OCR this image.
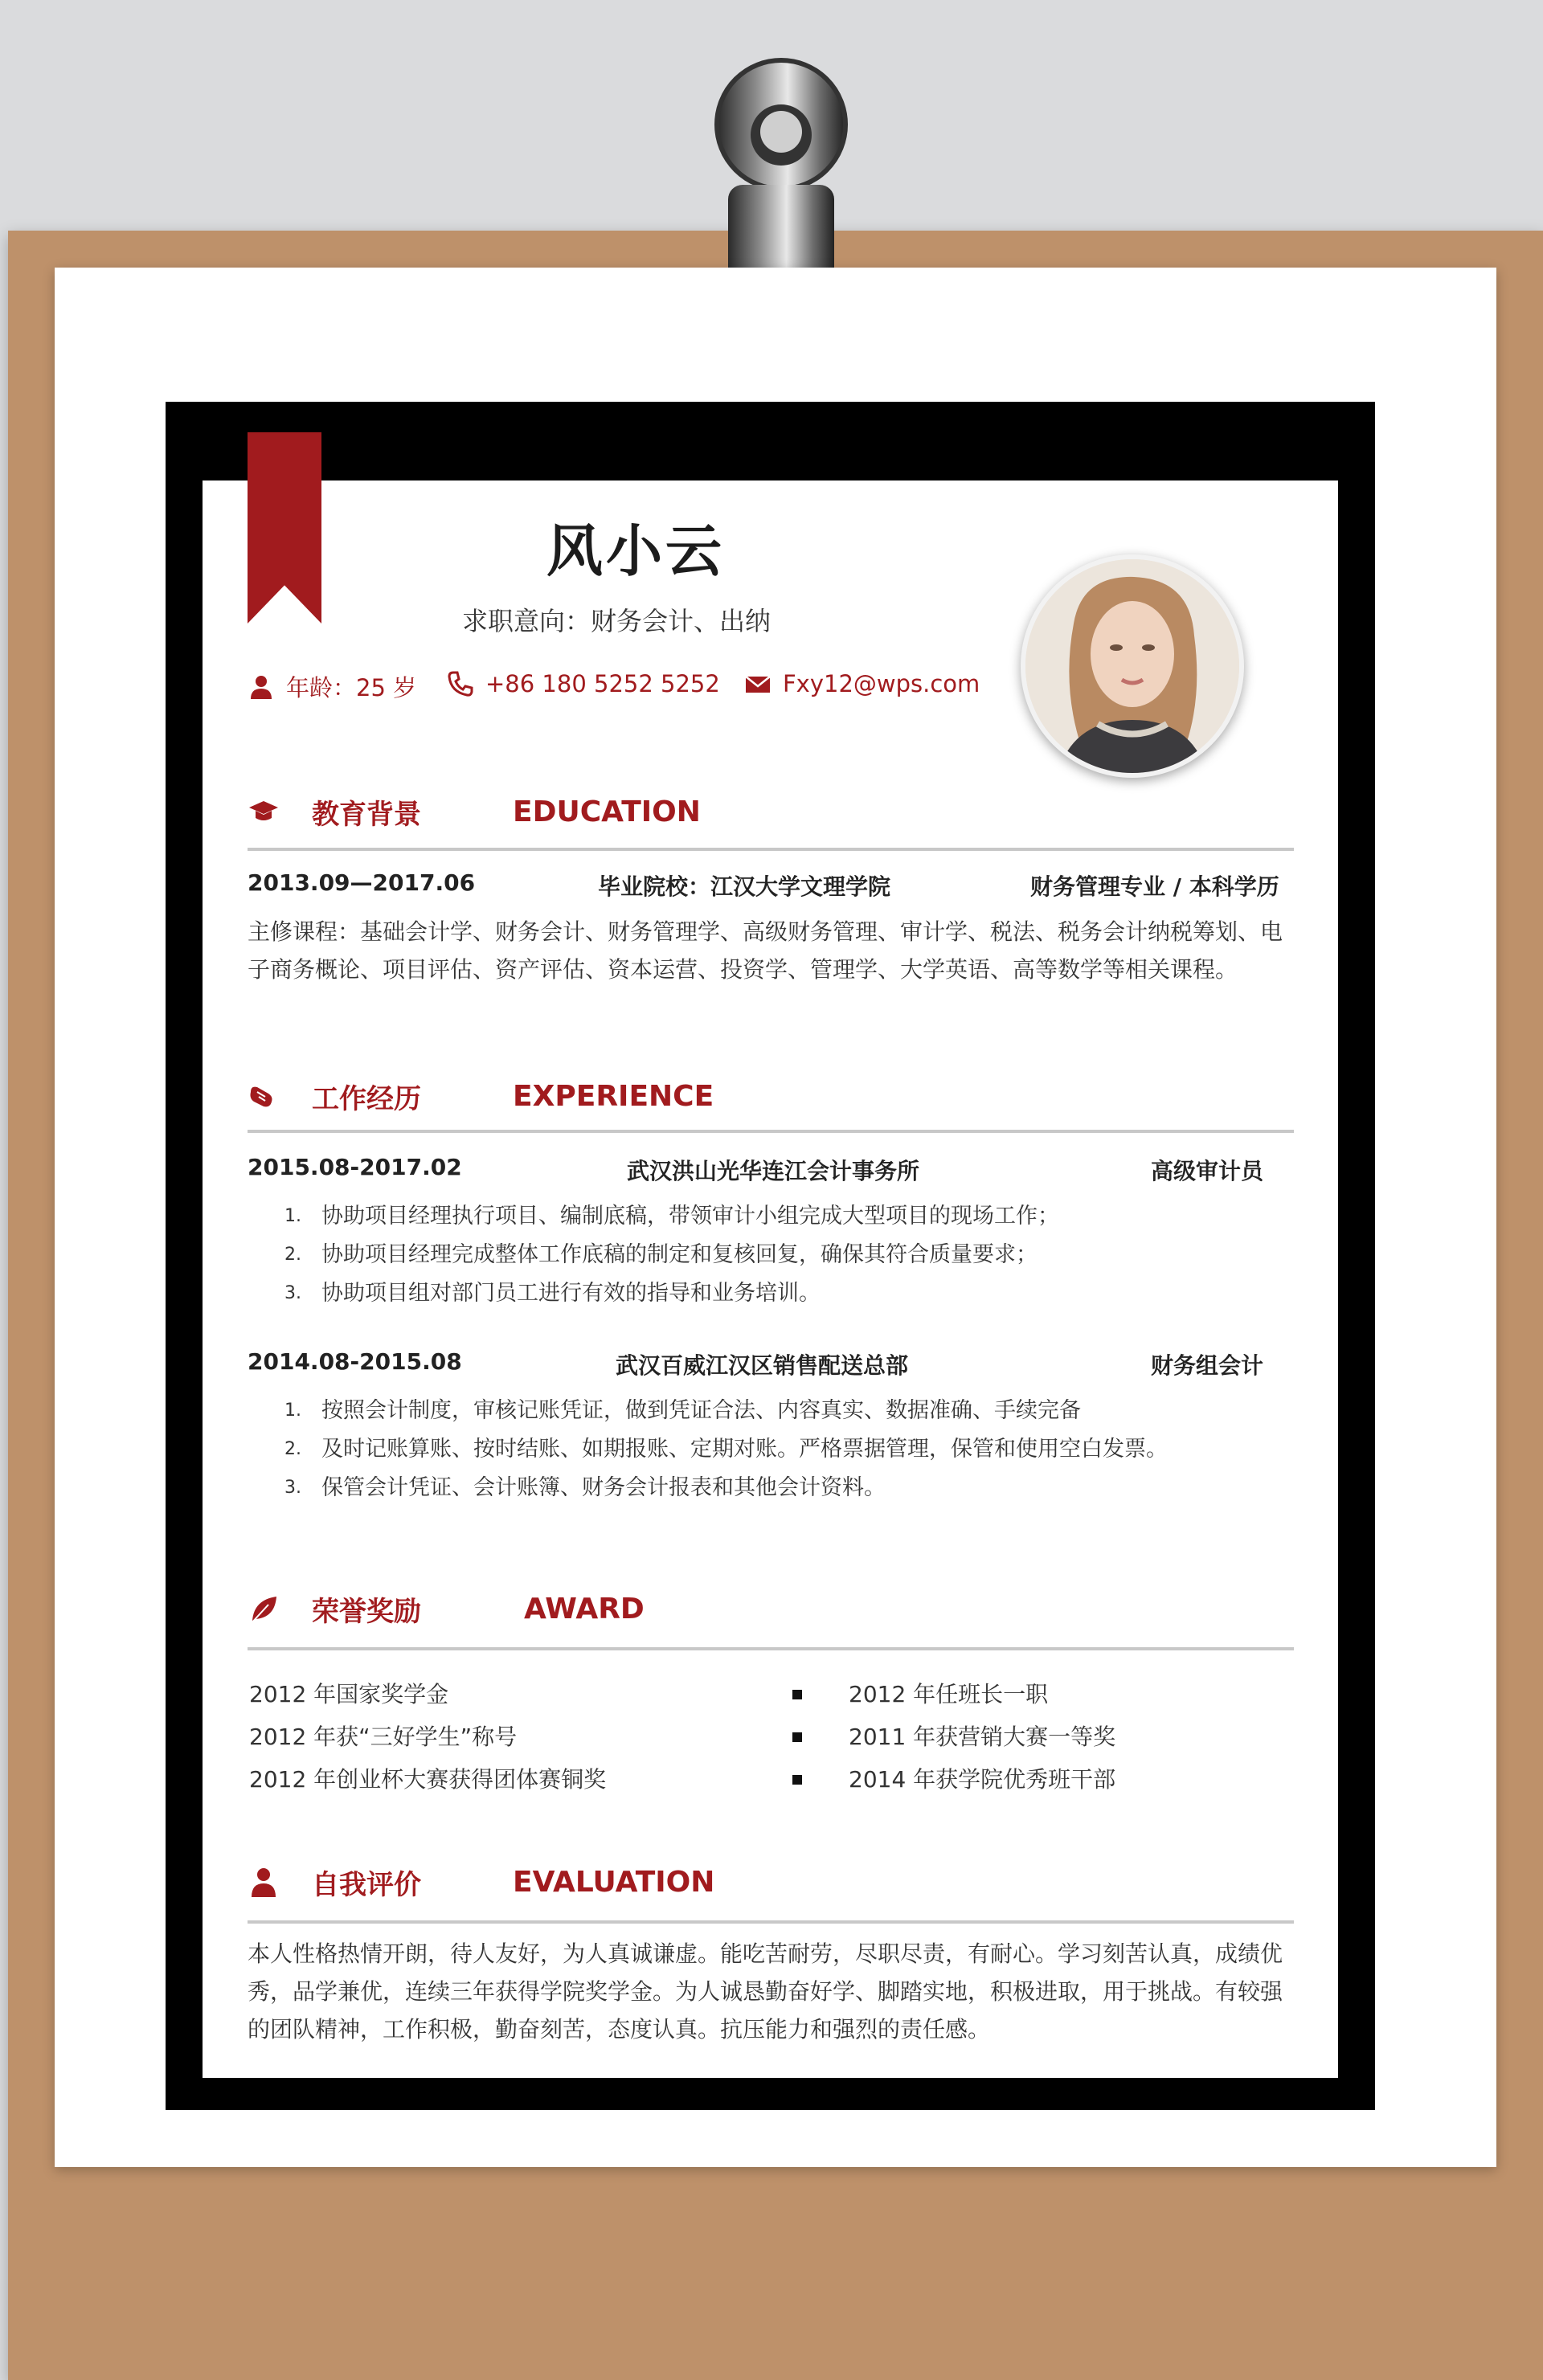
风小云
求职意向：财务会计、出纳
年龄：25 岁	+86 180 5252 5252	Fxy12@wps.com
教育背景	EDUCATION
2013.09—2017.06	毕业院校：江汉大学文理学院	财务管理专业 / 本科学历
主修课程：基础会计学、财务会计、财务管理学、高级财务管理、审计学、税法、税务会计纳税筹划、电子商务概论、项目评估、资产评估、资本运营、投资学、管理学、大学英语、高等数学等相关课程。
工作经历	EXPERIENCE
2015.08-2017.02	武汉洪山光华连江会计事务所	高级审计员
1. 协助项目经理执行项目、编制底稿，带领审计小组完成大型项目的现场工作；
2. 协助项目经理完成整体工作底稿的制定和复核回复，确保其符合质量要求；
3. 协助项目组对部门员工进行有效的指导和业务培训。
2014.08-2015.08	武汉百威江汉区销售配送总部	财务组会计
1. 按照会计制度，审核记账凭证，做到凭证合法、内容真实、数据准确、手续完备
2. 及时记账算账、按时结账、如期报账、定期对账。严格票据管理，保管和使用空白发票。
3. 保管会计凭证、会计账簿、财务会计报表和其他会计资料。
荣誉奖励	AWARD
2012 年国家奖学金
2012 年获“三好学生”称号
2012 年创业杯大赛获得团体赛铜奖
2012 年任班长一职
2011 年获营销大赛一等奖
2014 年获学院优秀班干部
自我评价	EVALUATION
本人性格热情开朗，待人友好，为人真诚谦虚。能吃苦耐劳，尽职尽责，有耐心。学习刻苦认真，成绩优秀，品学兼优，连续三年获得学院奖学金。为人诚恳勤奋好学、脚踏实地，积极进取，用于挑战。有较强的团队精神，工作积极，勤奋刻苦，态度认真。抗压能力和强烈的责任感。
